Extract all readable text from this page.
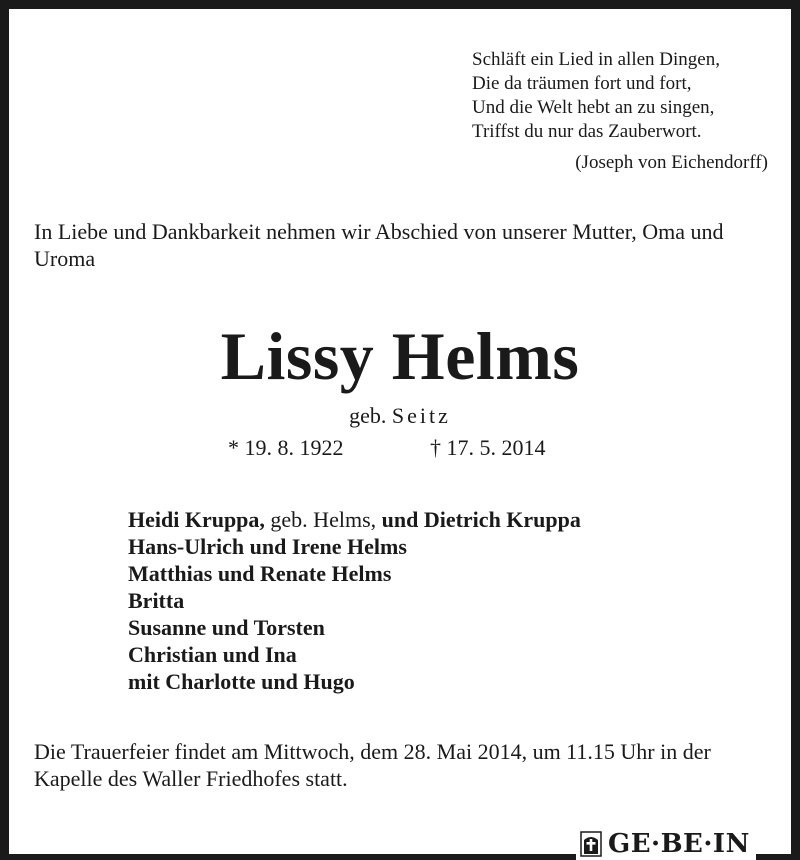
Schläft ein Lied in allen Dingen,
Die da träumen fort und fort,
Und die Welt hebt an zu singen,
Triffst du nur das Zauberwort.
(Joseph von Eichendorff)
In Liebe und Dankbarkeit nehmen wir Abschied von unserer Mutter, Oma und Uroma
Lissy Helms
geb. Seitz
* 19. 8. 1922	† 17. 5. 2014
Heidi Kruppa, geb. Helms, und Dietrich Kruppa
Hans-Ulrich und Irene Helms
Matthias und Renate Helms
Britta
Susanne und Torsten
Christian und Ina
mit Charlotte und Hugo
Die Trauerfeier findet am Mittwoch, dem 28. Mai 2014, um 11.15 Uhr in der Kapelle des Waller Friedhofes statt.
GE·BE·IN
